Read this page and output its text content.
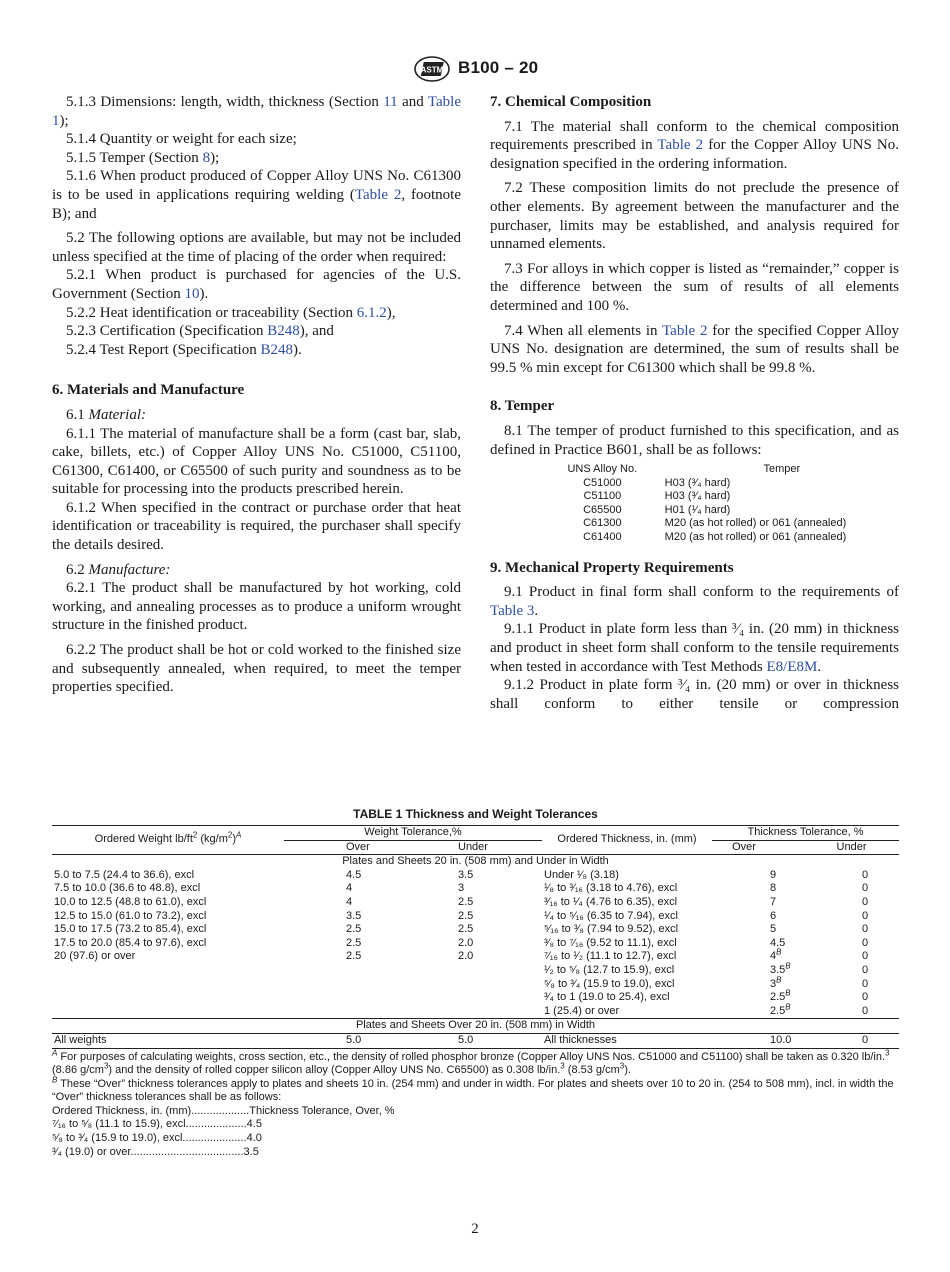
ASTM B100 – 20

5.1.3 Dimensions: length, width, thickness (Section 11 and Table 1);

5.1.4 Quantity or weight for each size;

5.1.5 Temper (Section 8);

5.1.6 When product produced of Copper Alloy UNS No. C61300 is to be used in applications requiring welding (Table 2, footnote B); and

5.2 The following options are available, but may not be included unless specified at the time of placing of the order when required:

5.2.1 When product is purchased for agencies of the U.S. Government (Section 10).

5.2.2 Heat identification or traceability (Section 6.1.2),

5.2.3 Certification (Specification B248), and

5.2.4 Test Report (Specification B248).

6. Materials and Manufacture

6.1 Material:

6.1.1 The material of manufacture shall be a form (cast bar, slab, cake, billets, etc.) of Copper Alloy UNS No. C51000, C51100, C61300, C61400, or C65500 of such purity and soundness as to be suitable for processing into the products prescribed herein.

6.1.2 When specified in the contract or purchase order that heat identification or traceability is required, the purchaser shall specify the details desired.

6.2 Manufacture:

6.2.1 The product shall be manufactured by hot working, cold working, and annealing processes as to produce a uniform wrought structure in the finished product.

6.2.2 The product shall be hot or cold worked to the finished size and subsequently annealed, when required, to meet the temper properties specified.

7. Chemical Composition

7.1 The material shall conform to the chemical composition requirements prescribed in Table 2 for the Copper Alloy UNS No. designation specified in the ordering information.

7.2 These composition limits do not preclude the presence of other elements. By agreement between the manufacturer and the purchaser, limits may be established, and analysis required for unnamed elements.

7.3 For alloys in which copper is listed as “remainder,” copper is the difference between the sum of results of all elements determined and 100 %.

7.4 When all elements in Table 2 for the specified Copper Alloy UNS No. designation are determined, the sum of results shall be 99.5 % min except for C61300 which shall be 99.8 %.

8. Temper

8.1 The temper of product furnished to this specification, and as defined in Practice B601, shall be as follows:

UNS Alloy No.	Temper
C51000	H03 (³⁄₄ hard)
C51100	H03 (³⁄₄ hard)
C65500	H01 (¹⁄₄ hard)
C61300	M20 (as hot rolled) or 061 (annealed)
C61400	M20 (as hot rolled) or 061 (annealed)

9. Mechanical Property Requirements

9.1 Product in final form shall conform to the requirements of Table 3.

9.1.1 Product in plate form less than ³⁄₄ in. (20 mm) in thickness and product in sheet form shall conform to the tensile requirements when tested in accordance with Test Methods E8/E8M.

9.1.2 Product in plate form ³⁄₄ in. (20 mm) or over in thickness shall conform to either tensile or compression

TABLE 1 Thickness and Weight Tolerances
Ordered Weight $lb/ft^2$ $(kg/m^2)^A$	Weight Tolerance,%		Ordered Thickness, in. (mm)	Thickness Tolerance, %	
	Over	Under		Over	Under
Plates and Sheets 20 in. (508 mm) and Under in Width					
5.0 to 7.5 (24.4 to 36.6), excl	4.5	3.5	Under ¹⁄₈ (3.18)	9	0
7.5 to 10.0 (36.6 to 48.8), excl	4	3	¹⁄₈ to ³⁄₁₆ (3.18 to 4.76), excl	8	0
10.0 to 12.5 (48.8 to 61.0), excl	4	2.5	³⁄₁₆ to ¹⁄₄ (4.76 to 6.35), excl	7	0
12.5 to 15.0 (61.0 to 73.2), excl	3.5	2.5	¹⁄₄ to ⁵⁄₁₆ (6.35 to 7.94), excl	6	0
15.0 to 17.5 (73.2 to 85.4), excl	2.5	2.5	⁵⁄₁₆ to ³⁄₈ (7.94 to 9.52), excl	5	0
17.5 to 20.0 (85.4 to 97.6), excl	2.5	2.0	³⁄₈ to ⁷⁄₁₆ (9.52 to 11.1), excl	4.5	0
20 (97.6) or over	2.5	2.0	⁷⁄₁₆ to ¹⁄₂ (11.1 to 12.7), excl	$4^B$	0
			¹⁄₂ to ⁵⁄₈ (12.7 to 15.9), excl	$3.5^B$	0
			⁵⁄₈ to ³⁄₄ (15.9 to 19.0), excl	$3^B$	0
			³⁄₄ to 1 (19.0 to 25.4), excl	$2.5^B$	0
			1 (25.4) or over	$2.5^B$	0
Plates and Sheets Over 20 in. (508 mm) in Width					
All weights	5.0	5.0	All thicknesses	10.0	0

$^A$ For purposes of calculating weights, cross section, etc., the density of rolled phosphor bronze (Copper Alloy UNS Nos. C51000 and C51100) shall be taken as 0.320 lb/in.$^3$ (8.86 $g/cm^3$) and the density of rolled copper silicon alloy (Copper Alloy UNS No. C65500) as 0.308 lb/in.$^3$ (8.53 $g/cm^3$).

$^B$ These “Over” thickness tolerances apply to plates and sheets 10 in. (254 mm) and under in width. For plates and sheets over 10 to 20 in. (254 to 508 mm), incl. in width the “Over” thickness tolerances shall be as follows:

Ordered Thickness, in. (mm)...................Thickness Tolerance, Over, %

⁷⁄₁₆ to ⁵⁄₈ (11.1 to 15.9), excl....................4.5

⁵⁄₈ to ³⁄₄ (15.9 to 19.0), excl.....................4.0

³⁄₄ (19.0) or over.....................................3.5

2
